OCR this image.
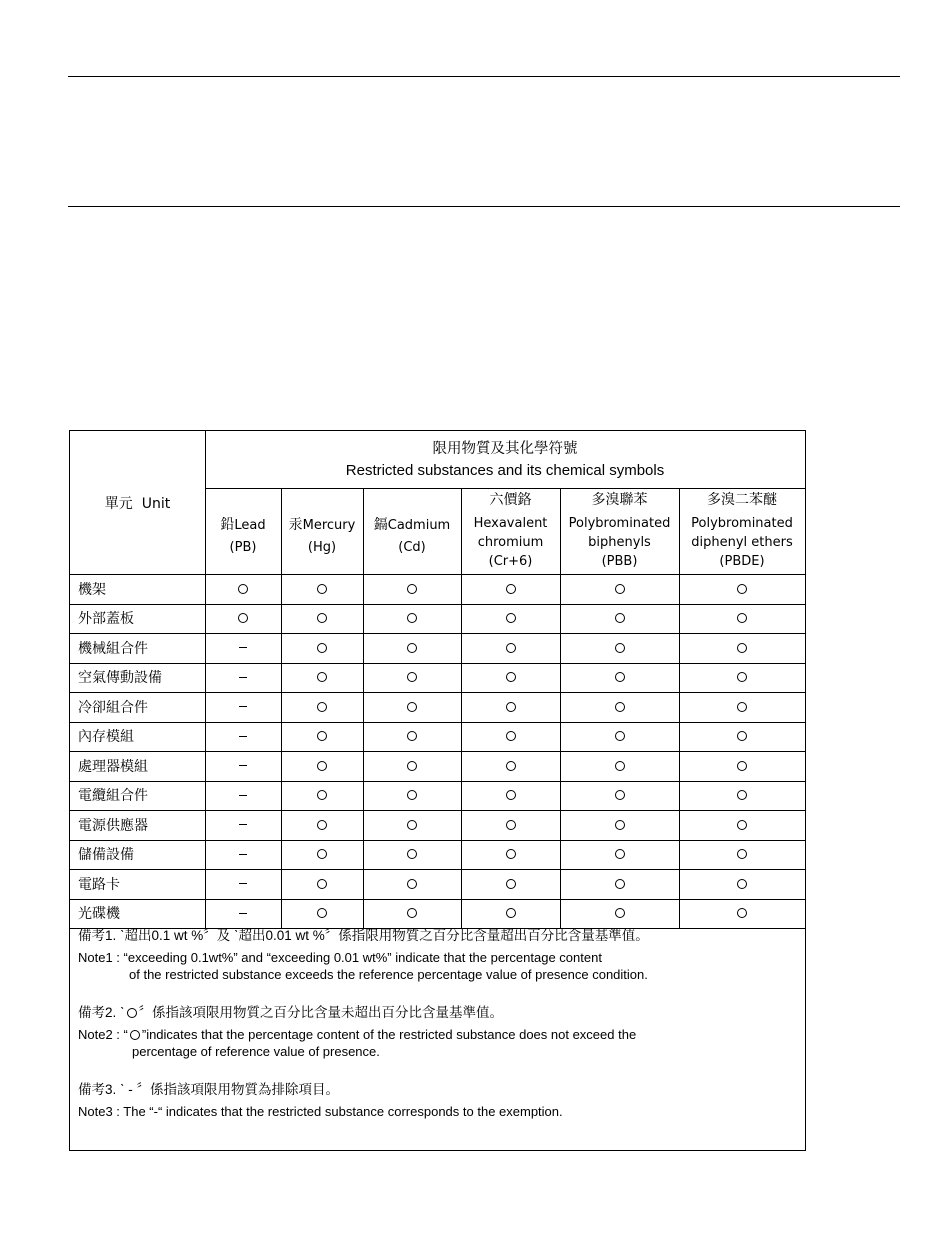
單元  Unit
限用物質及其化學符號
Restricted substances and its chemical symbols
鉛Lead
(PB)
汞Mercury
(Hg)
鎘Cadmium
(Cd)
六價鉻
Hexavalent
chromium
(Cr+6)
多溴聯苯
Polybrominated
biphenyls
(PBB)
多溴二苯醚
Polybrominated
diphenyl ethers
(PBDE)
機架
外部蓋板
機械組合件
空氣傳動設備
冷卻組合件
內存模組
處理器模組
電纜組合件
電源供應器
儲備設備
電路卡
光碟機

備考1. ˋ超出0.1 wt %〞及 ˋ超出0.01 wt %〞係指限用物質之百分比含量超出百分比含量基準值。

Note1 : “exceeding 0.1wt%” and “exceeding 0.01 wt%” indicate that the percentage content

of the restricted substance exceeds the reference percentage value of presence condition.

備考2. ˋ 〞係指該項限用物質之百分比含量未超出百分比含量基準值。

Note2 : “ ”indicates that the percentage content of the restricted substance does not exceed the

percentage of reference value of presence.

備考3. ˋ - 〞係指該項限用物質為排除項目。

Note3 : The “-“ indicates that the restricted substance corresponds to the exemption.
